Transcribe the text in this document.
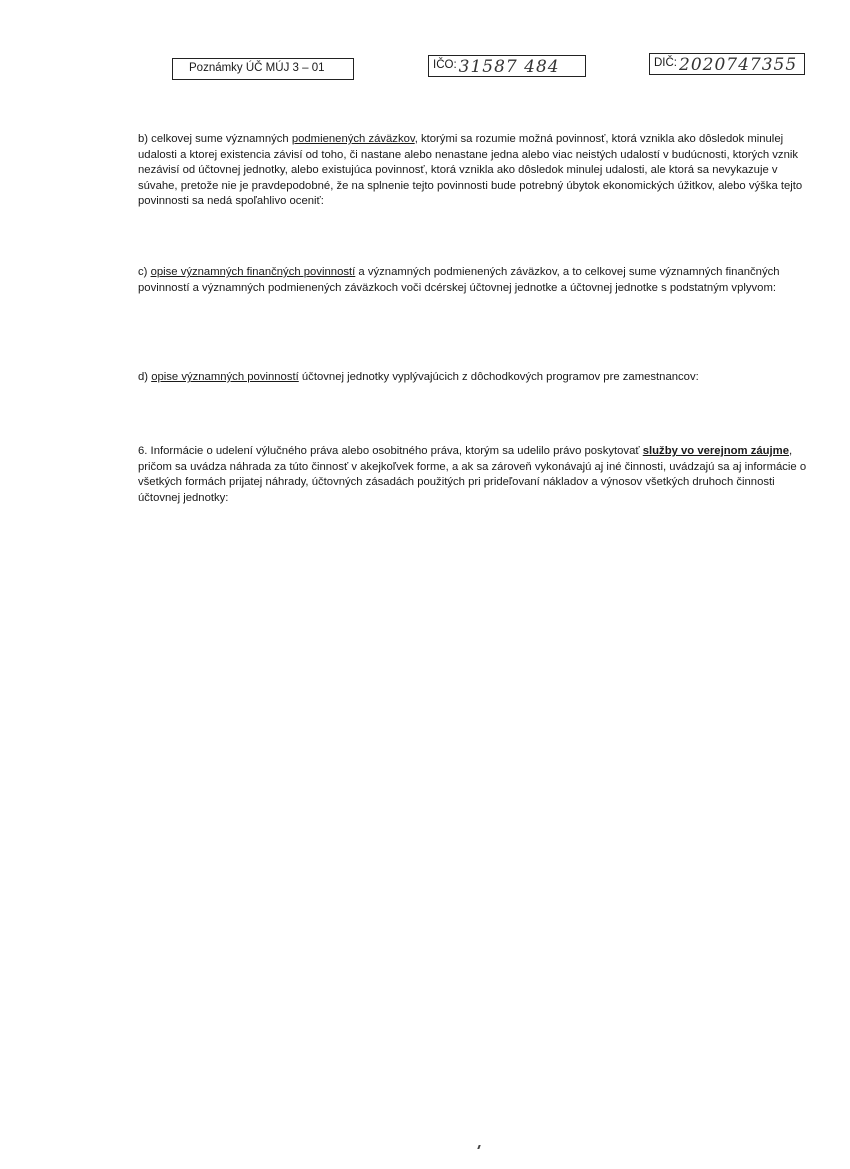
Poznámky ÚČ MÚJ 3 – 01	IČO: 31587 484	DIČ: 2020747355

b) celkovej sume významných podmienených záväzkov, ktorými sa rozumie možná povinnosť, ktorá vznikla ako dôsledok minulej udalosti a ktorej existencia závisí od toho, či nastane alebo nenastane jedna alebo viac neistých udalostí v budúcnosti, ktorých vznik nezávisí od účtovnej jednotky, alebo existujúca povinnosť, ktorá vznikla ako dôsledok minulej udalosti, ale ktorá sa nevykazuje v súvahe, pretože nie je pravdepodobné, že na splnenie tejto povinnosti bude potrebný úbytok ekonomických úžitkov, alebo výška tejto povinnosti sa nedá spoľahlivo oceniť:

c) opise významných finančných povinností a významných podmienených záväzkov, a to celkovej sume významných finančných povinností a významných podmienených záväzkoch voči dcérskej účtovnej jednotke a účtovnej jednotke s podstatným vplyvom:

d) opise významných povinností účtovnej jednotky vyplývajúcich z dôchodkových programov pre zamestnancov:

6. Informácie o udelení výlučného práva alebo osobitného práva, ktorým sa udelilo právo poskytovať služby vo verejnom záujme, pričom sa uvádza náhrada za túto činnosť v akejkoľvek forme, a ak sa zároveň vykonávajú aj iné činnosti, uvádzajú sa aj informácie o všetkých formách prijatej náhrady, účtovných zásadách použitých pri prideľovaní nákladov a výnosov všetkých druhoch činnosti účtovnej jednotky:
